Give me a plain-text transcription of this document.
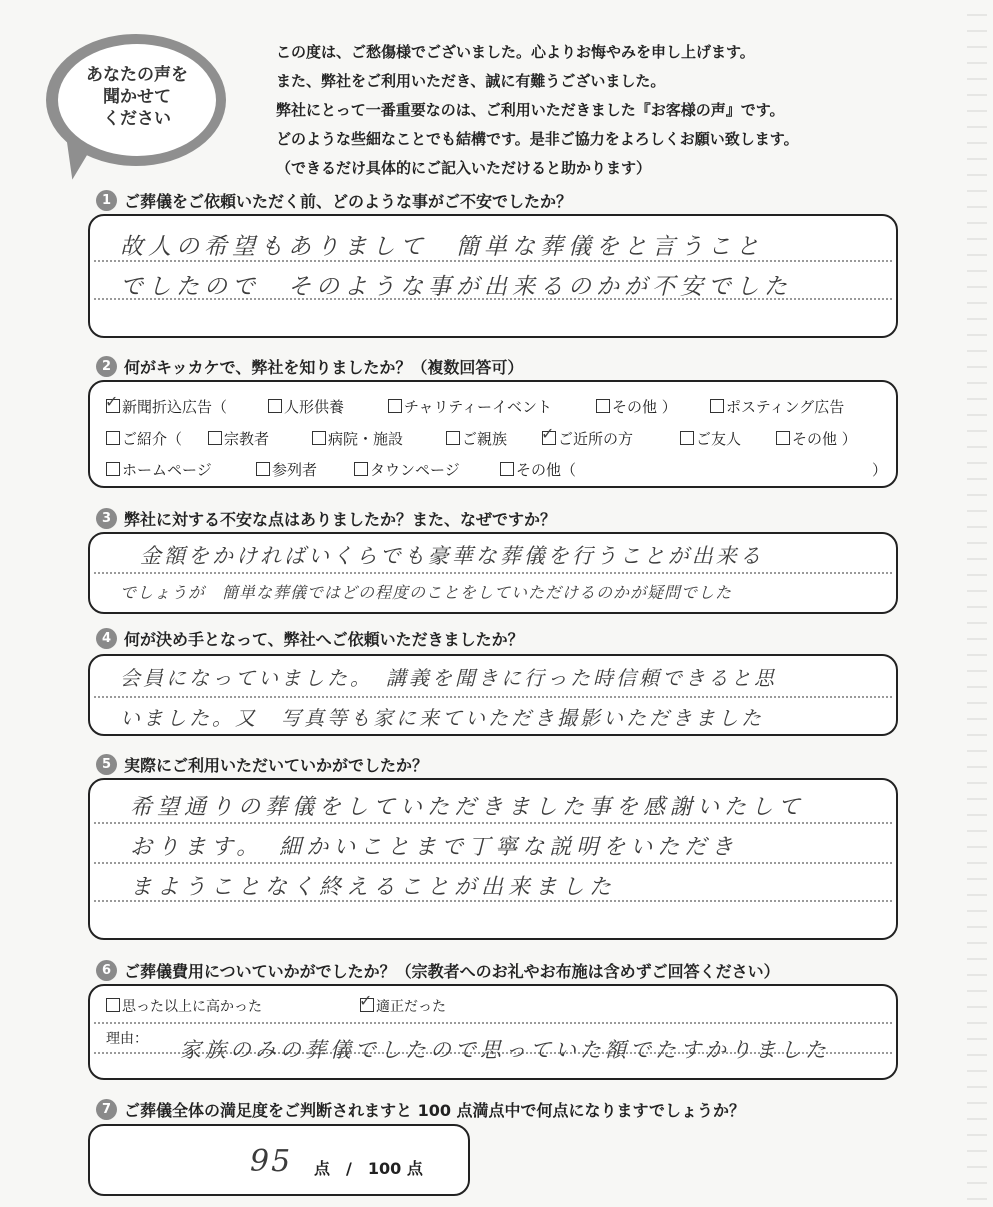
あなたの声を
聞かせて
ください
この度は、ご愁傷様でございました。心よりお悔やみを申し上げます。
また、弊社をご利用いただき、誠に有難うございました。
弊社にとって一番重要なのは、ご利用いただきました『お客様の声』です。
どのような些細なことでも結構です。是非ご協力をよろしくお願い致します。
（できるだけ具体的にご記入いただけると助かります）
1 ご葬儀をご依頼いただく前、どのような事がご不安でしたか？
故人の希望もありまして　簡単な葬儀をと言うこと
でしたので　そのような事が出来るのかが不安でした
2 何がキッカケで、弊社を知りましたか？（複数回答可）
✓ 新聞折込広告（	人形供養	チャリティーイベント	その他 ）	ポスティング広告
ご紹介（	宗教者	病院・施設	ご親族 ✓ ご近所の方	ご友人	その他 ）
ホームページ	参列者	タウンページ	その他（	）
3 弊社に対する不安な点はありましたか？また、なぜですか？
金額をかければいくらでも豪華な葬儀を行うことが出来る
でしょうが　簡単な葬儀ではどの程度のことをしていただけるのかが疑問でした
4 何が決め手となって、弊社へご依頼いただきましたか？
会員になっていました。　講義を聞きに行った時信頼できると思
いました。又　写真等も家に来ていただき撮影いただきました
5 実際にご利用いただいていかがでしたか？
希望通りの葬儀をしていただきました事を感謝いたして
おります。　細かいことまで丁寧な説明をいただき
まようことなく終えることが出来ました
6 ご葬儀費用についていかがでしたか？（宗教者へのお礼やお布施は含めずご回答ください）
思った以上に高かった	✓ 適正だった
理由： 家族のみの葬儀でしたので思っていた額でたすかりました
7 ご葬儀全体の満足度をご判断されますと 100 点満点中で何点になりますでしょうか？
95 点　/　100 点
